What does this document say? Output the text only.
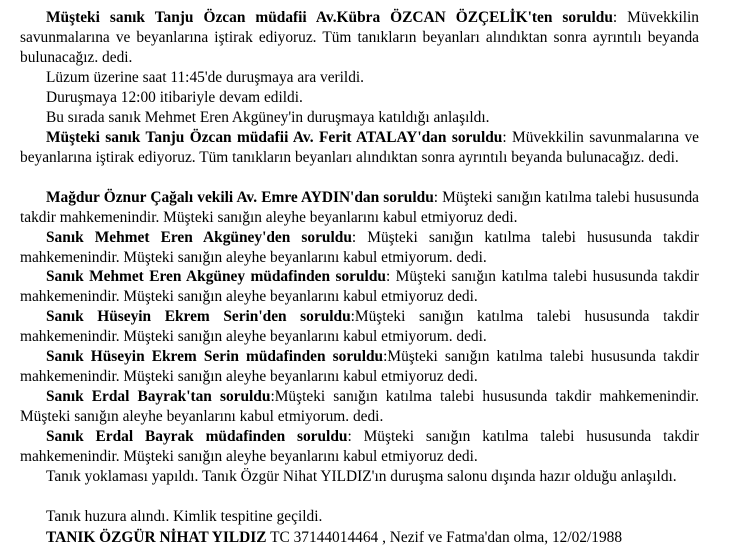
Müşteki sanık Tanju Özcan müdafii Av.Kübra ÖZCAN ÖZÇELİK'ten soruldu: Müvekkilin savunmalarına ve beyanlarına iştirak ediyoruz. Tüm tanıkların beyanları alındıktan sonra ayrıntılı beyanda bulunacağız. dedi.
Lüzum üzerine saat 11:45'de duruşmaya ara verildi.
Duruşmaya 12:00 itibariyle devam edildi.
Bu sırada sanık Mehmet Eren Akgüney'in duruşmaya katıldığı anlaşıldı.
Müşteki sanık Tanju Özcan müdafii Av. Ferit ATALAY'dan soruldu: Müvekkilin savunmalarına ve beyanlarına iştirak ediyoruz. Tüm tanıkların beyanları alındıktan sonra ayrıntılı beyanda bulunacağız. dedi.
Mağdur Öznur Çağalı vekili Av. Emre AYDIN'dan soruldu: Müşteki sanığın katılma talebi hususunda takdir mahkemenindir. Müşteki sanığın aleyhe beyanlarını kabul etmiyoruz dedi.
Sanık Mehmet Eren Akgüney'den soruldu: Müşteki sanığın katılma talebi hususunda takdir mahkemenindir. Müşteki sanığın aleyhe beyanlarını kabul etmiyorum. dedi.
Sanık Mehmet Eren Akgüney müdafinden soruldu: Müşteki sanığın katılma talebi hususunda takdir mahkemenindir. Müşteki sanığın aleyhe beyanlarını kabul etmiyoruz dedi.
Sanık Hüseyin Ekrem Serin'den soruldu:Müşteki sanığın katılma talebi hususunda takdir mahkemenindir. Müşteki sanığın aleyhe beyanlarını kabul etmiyorum. dedi.
Sanık Hüseyin Ekrem Serin müdafinden soruldu:Müşteki sanığın katılma talebi hususunda takdir mahkemenindir. Müşteki sanığın aleyhe beyanlarını kabul etmiyoruz dedi.
Sanık Erdal Bayrak'tan soruldu:Müşteki sanığın katılma talebi hususunda takdir mahkemenindir. Müşteki sanığın aleyhe beyanlarını kabul etmiyorum. dedi.
Sanık Erdal Bayrak müdafinden soruldu: Müşteki sanığın katılma talebi hususunda takdir mahkemenindir. Müşteki sanığın aleyhe beyanlarını kabul etmiyoruz dedi.
Tanık yoklaması yapıldı. Tanık Özgür Nihat YILDIZ'ın duruşma salonu dışında hazır olduğu anlaşıldı.
Tanık huzura alındı. Kimlik tespitine geçildi.
TANIK ÖZGÜR NİHAT YILDIZ TC 37144014464 , Nezif ve Fatma'dan olma, 12/02/1988
